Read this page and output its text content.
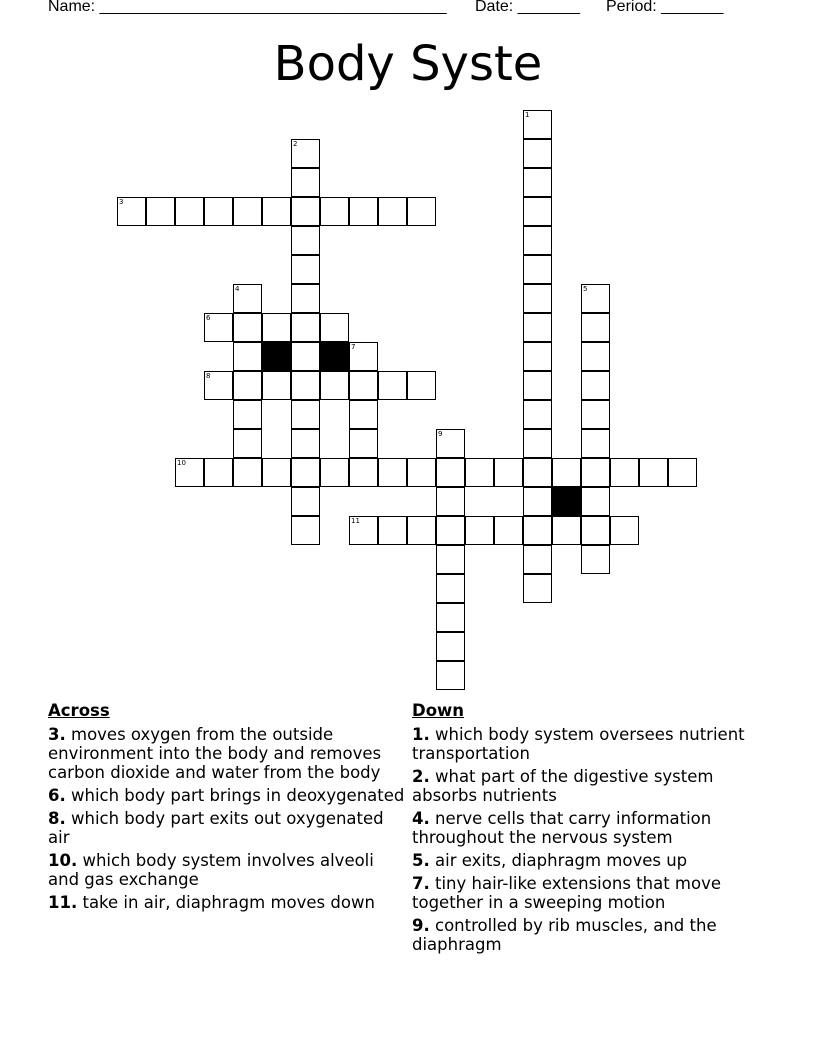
Name: _______________________________________ Date: _______ Period: _______
Body Syste
3
2
1
4	5
6
7
8
9
10
11
Across
3. moves oxygen from the outside environment into the body and removes carbon dioxide and water from the body
6. which body part brings in deoxygenated
8. which body part exits out oxygenated air
10. which body system involves alveoli and gas exchange
11. take in air, diaphragm moves down
Down
1. which body system oversees nutrient transportation
2. what part of the digestive system absorbs nutrients
4. nerve cells that carry information throughout the nervous system
5. air exits, diaphragm moves up
7. tiny hair-like extensions that move together in a sweeping motion
9. controlled by rib muscles, and the diaphragm
